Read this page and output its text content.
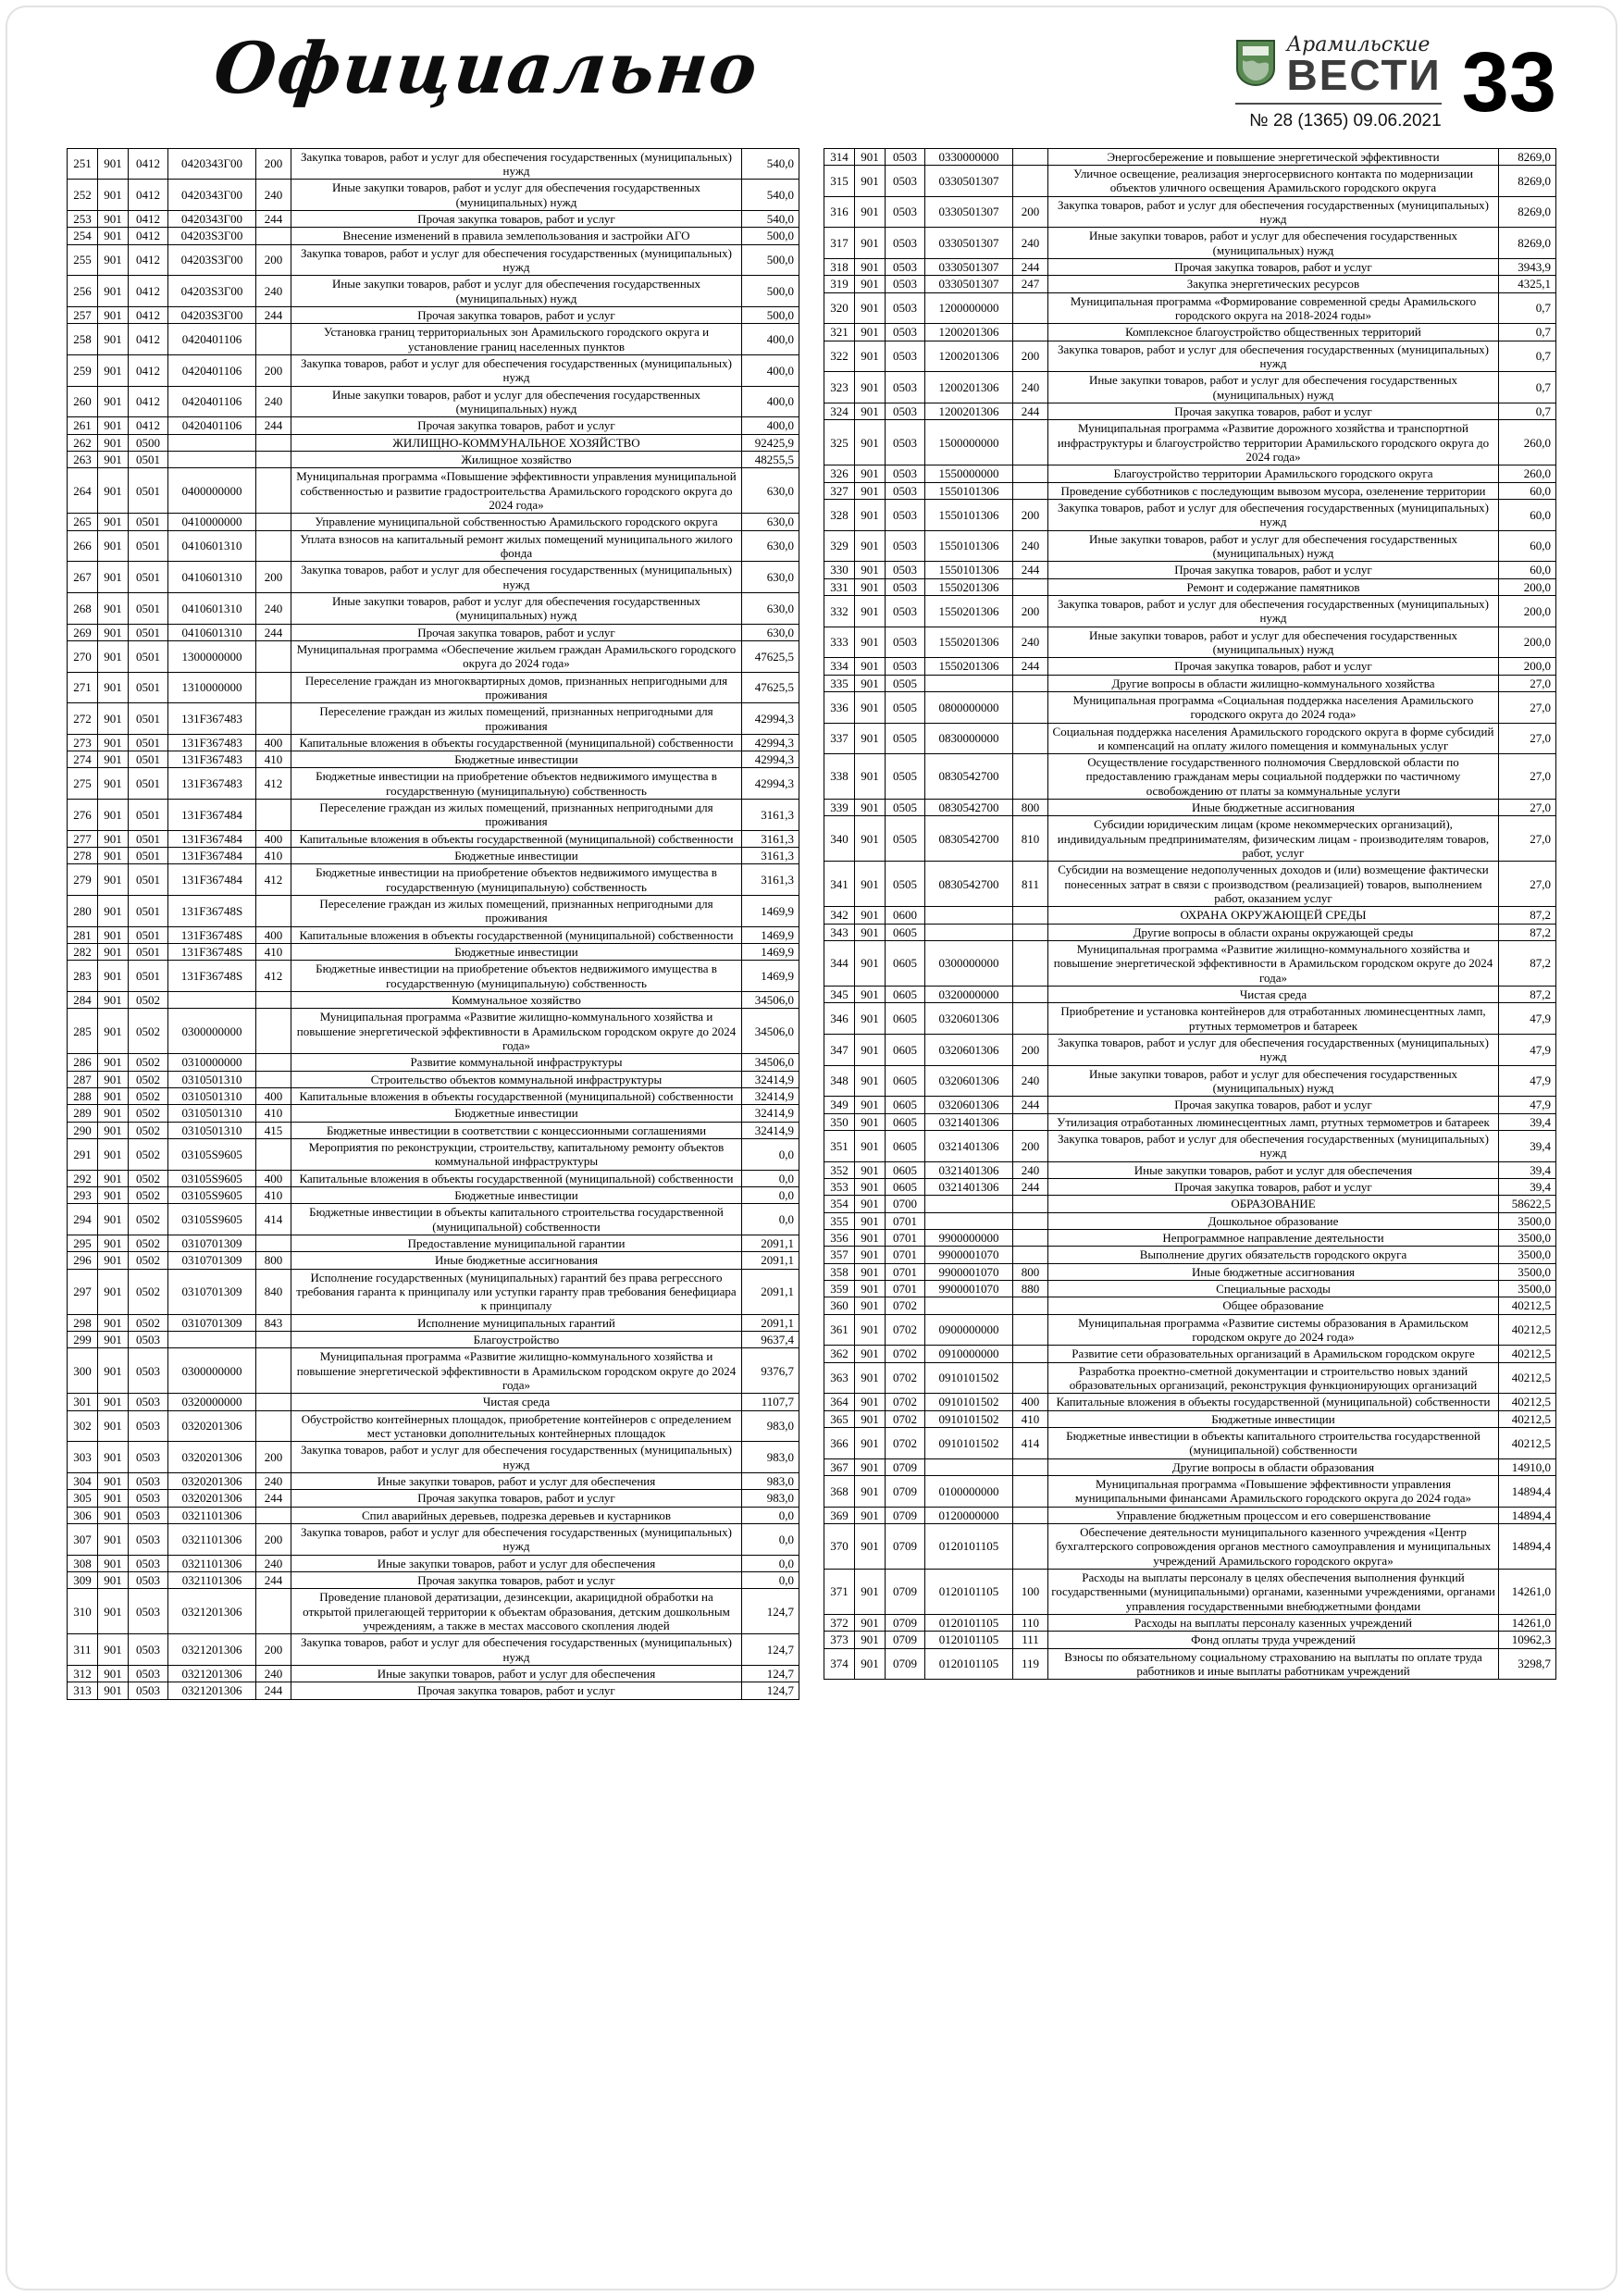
Официально	Арамильские
ВЕСТИ 33
№ 28 (1365) 09.06.2021
251	901	0412	0420343Г00	200	Закупка товаров, работ и услуг для обеспечения государственных (муниципальных) нужд	540,0
252	901	0412	0420343Г00	240	Иные закупки товаров, работ и услуг для обеспечения государственных (муниципальных) нужд	540,0
253	901	0412	0420343Г00	244	Прочая закупка товаров, работ и услуг	540,0
254	901	0412	04203S3Г00		Внесение изменений в правила землепользования и застройки АГО	500,0
255	901	0412	04203S3Г00	200	Закупка товаров, работ и услуг для обеспечения государственных (муниципальных) нужд	500,0
256	901	0412	04203S3Г00	240	Иные закупки товаров, работ и услуг для обеспечения государственных (муниципальных) нужд	500,0
257	901	0412	04203S3Г00	244	Прочая закупка товаров, работ и услуг	500,0
258	901	0412	0420401106		Установка границ территориальных зон Арамильского городского округа и установление границ населенных пунктов	400,0
259	901	0412	0420401106	200	Закупка товаров, работ и услуг для обеспечения государственных (муниципальных) нужд	400,0
260	901	0412	0420401106	240	Иные закупки товаров, работ и услуг для обеспечения государственных (муниципальных) нужд	400,0
261	901	0412	0420401106	244	Прочая закупка товаров, работ и услуг	400,0
262	901	0500			ЖИЛИЩНО-КОММУНАЛЬНОЕ ХОЗЯЙСТВО	92425,9
263	901	0501			Жилищное хозяйство	48255,5
264	901	0501	0400000000		Муниципальная программа «Повышение эффективности управления муниципальной собственностью и развитие градостроительства Арамильского городского округа до 2024 года»	630,0
265	901	0501	0410000000		Управление муниципальной собственностью Арамильского городского округа	630,0
266	901	0501	0410601310		Уплата взносов на капитальный ремонт жилых помещений муниципального жилого фонда	630,0
267	901	0501	0410601310	200	Закупка товаров, работ и услуг для обеспечения государственных (муниципальных) нужд	630,0
268	901	0501	0410601310	240	Иные закупки товаров, работ и услуг для обеспечения государственных (муниципальных) нужд	630,0
269	901	0501	0410601310	244	Прочая закупка товаров, работ и услуг	630,0
270	901	0501	1300000000		Муниципальная программа «Обеспечение жильем граждан Арамильского городского округа до 2024 года»	47625,5
271	901	0501	1310000000		Переселение граждан из многоквартирных домов, признанных непригодными для проживания	47625,5
272	901	0501	131F367483		Переселение граждан из жилых помещений, признанных непригодными для проживания	42994,3
273	901	0501	131F367483	400	Капитальные вложения в объекты государственной (муниципальной) собственности	42994,3
274	901	0501	131F367483	410	Бюджетные инвестиции	42994,3
275	901	0501	131F367483	412	Бюджетные инвестиции на приобретение объектов недвижимого имущества в государственную (муниципальную) собственность	42994,3
276	901	0501	131F367484		Переселение граждан из жилых помещений, признанных непригодными для проживания	3161,3
277	901	0501	131F367484	400	Капитальные вложения в объекты государственной (муниципальной) собственности	3161,3
278	901	0501	131F367484	410	Бюджетные инвестиции	3161,3
279	901	0501	131F367484	412	Бюджетные инвестиции на приобретение объектов недвижимого имущества в государственную (муниципальную) собственность	3161,3
280	901	0501	131F36748S		Переселение граждан из жилых помещений, признанных непригодными для проживания	1469,9
281	901	0501	131F36748S	400	Капитальные вложения в объекты государственной (муниципальной) собственности	1469,9
282	901	0501	131F36748S	410	Бюджетные инвестиции	1469,9
283	901	0501	131F36748S	412	Бюджетные инвестиции на приобретение объектов недвижимого имущества в государственную (муниципальную) собственность	1469,9
284	901	0502			Коммунальное хозяйство	34506,0
285	901	0502	0300000000		Муниципальная программа «Развитие жилищно-коммунального хозяйства и повышение энергетической эффективности в Арамильском городском округе до 2024 года»	34506,0
286	901	0502	0310000000		Развитие коммунальной инфраструктуры	34506,0
287	901	0502	0310501310		Строительство объектов коммунальной инфраструктуры	32414,9
288	901	0502	0310501310	400	Капитальные вложения в объекты государственной (муниципальной) собственности	32414,9
289	901	0502	0310501310	410	Бюджетные инвестиции	32414,9
290	901	0502	0310501310	415	Бюджетные инвестиции в соответствии с концессионными соглашениями	32414,9
291	901	0502	03105S9605		Мероприятия по реконструкции, строительству, капитальному ремонту объектов коммунальной инфраструктуры	0,0
292	901	0502	03105S9605	400	Капитальные вложения в объекты государственной (муниципальной) собственности	0,0
293	901	0502	03105S9605	410	Бюджетные инвестиции	0,0
294	901	0502	03105S9605	414	Бюджетные инвестиции в объекты капитального строительства государственной (муниципальной) собственности	0,0
295	901	0502	0310701309		Предоставление муниципальной гарантии	2091,1
296	901	0502	0310701309	800	Иные бюджетные ассигнования	2091,1
297	901	0502	0310701309	840	Исполнение государственных (муниципальных) гарантий без права регрессного требования гаранта к принципалу или уступки гаранту прав требования бенефициара к принципалу	2091,1
298	901	0502	0310701309	843	Исполнение муниципальных гарантий	2091,1
299	901	0503			Благоустройство	9637,4
300	901	0503	0300000000		Муниципальная программа «Развитие жилищно-коммунального хозяйства и повышение энергетической эффективности в Арамильском городском округе до 2024 года»	9376,7
301	901	0503	0320000000		Чистая среда	1107,7
302	901	0503	0320201306		Обустройство контейнерных площадок, приобретение контейнеров с определением мест установки дополнительных контейнерных площадок	983,0
303	901	0503	0320201306	200	Закупка товаров, работ и услуг для обеспечения государственных (муниципальных) нужд	983,0
304	901	0503	0320201306	240	Иные закупки товаров, работ и услуг для обеспечения	983,0
305	901	0503	0320201306	244	Прочая закупка товаров, работ и услуг	983,0
306	901	0503	0321101306		Спил аварийных деревьев, подрезка деревьев и кустарников	0,0
307	901	0503	0321101306	200	Закупка товаров, работ и услуг для обеспечения государственных (муниципальных) нужд	0,0
308	901	0503	0321101306	240	Иные закупки товаров, работ и услуг для обеспечения	0,0
309	901	0503	0321101306	244	Прочая закупка товаров, работ и услуг	0,0
310	901	0503	0321201306		Проведение плановой дератизации, дезинсекции, акарицидной обработки на открытой прилегающей территории к объектам образования, детским дошкольным учреждениям, а также в местах массового скопления людей	124,7
311	901	0503	0321201306	200	Закупка товаров, работ и услуг для обеспечения государственных (муниципальных) нужд	124,7
312	901	0503	0321201306	240	Иные закупки товаров, работ и услуг для обеспечения	124,7
313	901	0503	0321201306	244	Прочая закупка товаров, работ и услуг	124,7
314	901	0503	0330000000		Энергосбережение и повышение энергетической эффективности	8269,0
315	901	0503	0330501307		Уличное освещение, реализация энергосервисного контакта по модернизации объектов уличного освещения Арамильского городского округа	8269,0
316	901	0503	0330501307	200	Закупка товаров, работ и услуг для обеспечения государственных (муниципальных) нужд	8269,0
317	901	0503	0330501307	240	Иные закупки товаров, работ и услуг для обеспечения государственных (муниципальных) нужд	8269,0
318	901	0503	0330501307	244	Прочая закупка товаров, работ и услуг	3943,9
319	901	0503	0330501307	247	Закупка энергетических ресурсов	4325,1
320	901	0503	1200000000		Муниципальная программа «Формирование современной среды Арамильского городского округа на 2018-2024 годы»	0,7
321	901	0503	1200201306		Комплексное благоустройство общественных территорий	0,7
322	901	0503	1200201306	200	Закупка товаров, работ и услуг для обеспечения государственных (муниципальных) нужд	0,7
323	901	0503	1200201306	240	Иные закупки товаров, работ и услуг для обеспечения государственных (муниципальных) нужд	0,7
324	901	0503	1200201306	244	Прочая закупка товаров, работ и услуг	0,7
325	901	0503	1500000000		Муниципальная программа «Развитие дорожного хозяйства и транспортной инфраструктуры и благоустройство территории Арамильского городского округа до 2024 года»	260,0
326	901	0503	1550000000		Благоустройство территории Арамильского городского округа	260,0
327	901	0503	1550101306		Проведение субботников с последующим вывозом мусора, озеленение территории	60,0
328	901	0503	1550101306	200	Закупка товаров, работ и услуг для обеспечения государственных (муниципальных) нужд	60,0
329	901	0503	1550101306	240	Иные закупки товаров, работ и услуг для обеспечения государственных (муниципальных) нужд	60,0
330	901	0503	1550101306	244	Прочая закупка товаров, работ и услуг	60,0
331	901	0503	1550201306		Ремонт и содержание памятников	200,0
332	901	0503	1550201306	200	Закупка товаров, работ и услуг для обеспечения государственных (муниципальных) нужд	200,0
333	901	0503	1550201306	240	Иные закупки товаров, работ и услуг для обеспечения государственных (муниципальных) нужд	200,0
334	901	0503	1550201306	244	Прочая закупка товаров, работ и услуг	200,0
335	901	0505			Другие вопросы в области жилищно-коммунального хозяйства	27,0
336	901	0505	0800000000		Муниципальная программа «Социальная поддержка населения Арамильского городского округа до 2024 года»	27,0
337	901	0505	0830000000		Социальная поддержка населения Арамильского городского округа в форме субсидий и компенсаций на оплату жилого помещения и коммунальных услуг	27,0
338	901	0505	0830542700		Осуществление государственного полномочия Свердловской области по предоставлению гражданам меры социальной поддержки по частичному освобождению от платы за коммунальные услуги	27,0
339	901	0505	0830542700	800	Иные бюджетные ассигнования	27,0
340	901	0505	0830542700	810	Субсидии юридическим лицам (кроме некоммерческих организаций), индивидуальным предпринимателям, физическим лицам - производителям товаров, работ, услуг	27,0
341	901	0505	0830542700	811	Субсидии на возмещение недополученных доходов и (или) возмещение фактически понесенных затрат в связи с производством (реализацией) товаров, выполнением работ, оказанием услуг	27,0
342	901	0600			ОХРАНА ОКРУЖАЮЩЕЙ СРЕДЫ	87,2
343	901	0605			Другие вопросы в области охраны окружающей среды	87,2
344	901	0605	0300000000		Муниципальная программа «Развитие жилищно-коммунального хозяйства и повышение энергетической эффективности в Арамильском городском округе до 2024 года»	87,2
345	901	0605	0320000000		Чистая среда	87,2
346	901	0605	0320601306		Приобретение и установка контейнеров для отработанных люминесцентных ламп, ртутных термометров и батареек	47,9
347	901	0605	0320601306	200	Закупка товаров, работ и услуг для обеспечения государственных (муниципальных) нужд	47,9
348	901	0605	0320601306	240	Иные закупки товаров, работ и услуг для обеспечения государственных (муниципальных) нужд	47,9
349	901	0605	0320601306	244	Прочая закупка товаров, работ и услуг	47,9
350	901	0605	0321401306		Утилизация отработанных люминесцентных ламп, ртутных термометров и батареек	39,4
351	901	0605	0321401306	200	Закупка товаров, работ и услуг для обеспечения государственных (муниципальных) нужд	39,4
352	901	0605	0321401306	240	Иные закупки товаров, работ и услуг для обеспечения	39,4
353	901	0605	0321401306	244	Прочая закупка товаров, работ и услуг	39,4
354	901	0700			ОБРАЗОВАНИЕ	58622,5
355	901	0701			Дошкольное образование	3500,0
356	901	0701	9900000000		Непрограммное направление деятельности	3500,0
357	901	0701	9900001070		Выполнение других обязательств городского округа	3500,0
358	901	0701	9900001070	800	Иные бюджетные ассигнования	3500,0
359	901	0701	9900001070	880	Специальные расходы	3500,0
360	901	0702			Общее образование	40212,5
361	901	0702	0900000000		Муниципальная программа «Развитие системы образования в Арамильском городском округе до 2024 года»	40212,5
362	901	0702	0910000000		Развитие сети образовательных организаций в Арамильском городском округе	40212,5
363	901	0702	0910101502		Разработка проектно-сметной документации и строительство новых зданий образовательных организаций, реконструкция функционирующих организаций	40212,5
364	901	0702	0910101502	400	Капитальные вложения в объекты государственной (муниципальной) собственности	40212,5
365	901	0702	0910101502	410	Бюджетные инвестиции	40212,5
366	901	0702	0910101502	414	Бюджетные инвестиции в объекты капитального строительства государственной (муниципальной) собственности	40212,5
367	901	0709			Другие вопросы в области образования	14910,0
368	901	0709	0100000000		Муниципальная программа «Повышение эффективности управления муниципальными финансами Арамильского городского округа до 2024 года»	14894,4
369	901	0709	0120000000		Управление бюджетным процессом и его совершенствование	14894,4
370	901	0709	0120101105		Обеспечение деятельности муниципального казенного учреждения «Центр бухгалтерского сопровождения органов местного самоуправления и муниципальных учреждений Арамильского городского округа»	14894,4
371	901	0709	0120101105	100	Расходы на выплаты персоналу в целях обеспечения выполнения функций государственными (муниципальными) органами, казенными учреждениями, органами управления государственными внебюджетными фондами	14261,0
372	901	0709	0120101105	110	Расходы на выплаты персоналу казенных учреждений	14261,0
373	901	0709	0120101105	111	Фонд оплаты труда учреждений	10962,3
374	901	0709	0120101105	119	Взносы по обязательному социальному страхованию на выплаты по оплате труда работников и иные выплаты работникам учреждений	3298,7
